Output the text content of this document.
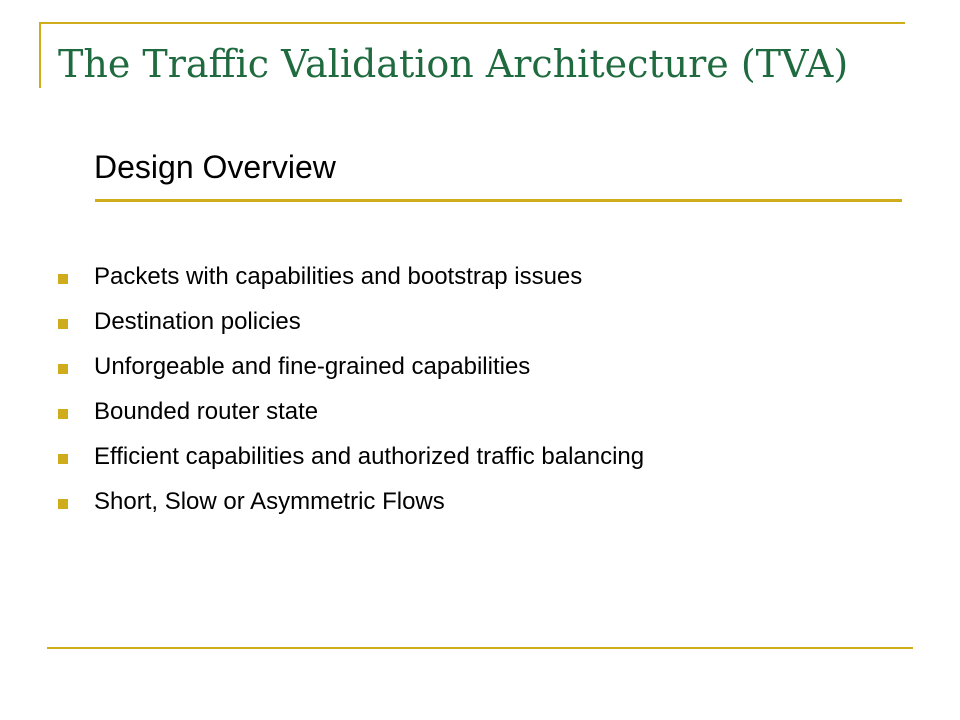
The Traffic Validation Architecture (TVA)
Design Overview
Packets with capabilities and bootstrap issues
Destination policies
Unforgeable and fine-grained capabilities
Bounded router state
Efficient capabilities and authorized traffic balancing
Short, Slow or Asymmetric Flows
